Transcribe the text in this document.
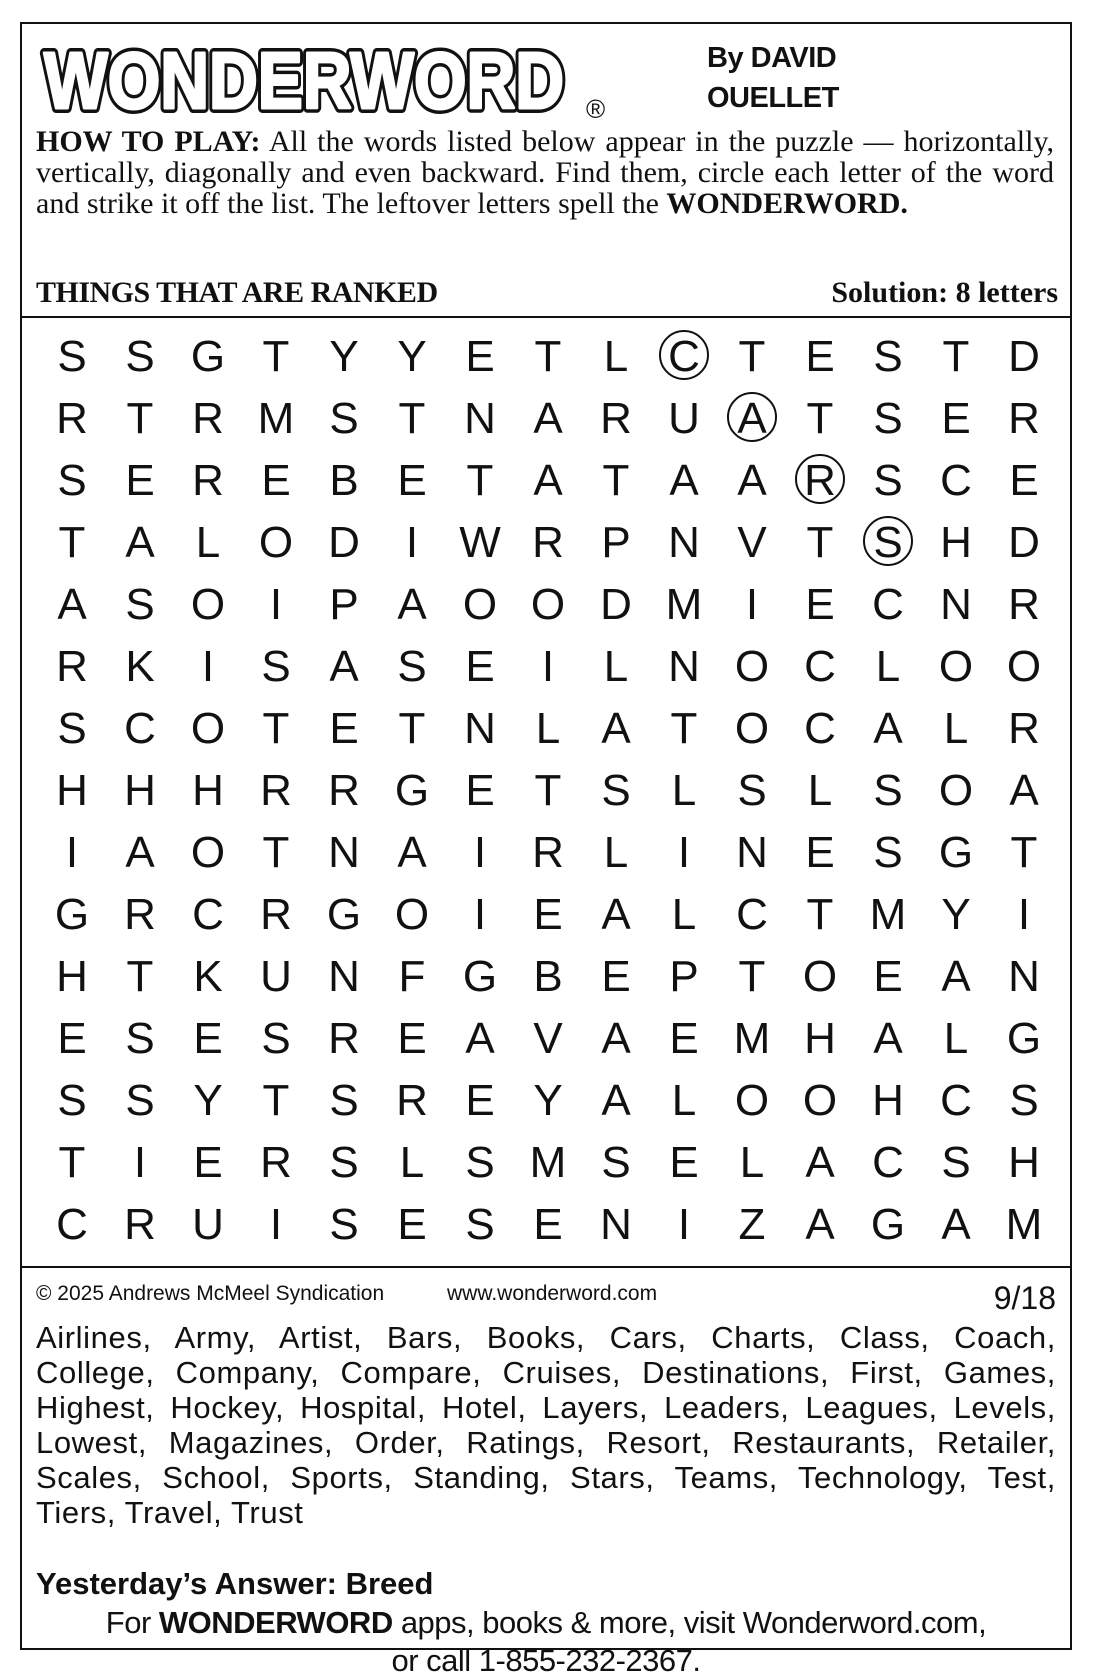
WONDERWORD
WONDERWORD ®
By DAVID
OUELLET
HOW TO PLAY: All the words listed below appear in the puzzle — horizontally, vertically, diagonally and even backward. Find them, circle each letter of the word and strike it off the list. The leftover letters spell the WONDERWORD.
THINGS THAT ARE RANKED	Solution: 8 letters
S S G T Y Y E T L C T E S T D
R T R M S T N A R U A T S E R
S E R E B E T A T A A R S C E
T A L O D	I W R P N V T S H D
A S O	I	P A O O D M I	E C N R
R K	I	S A S E	I	L N O C L O O
S C O T E T N L A T O C A L R
H H H R R G E T S L S L S O A
I	A O T N A	I	R L	I	N E S G T
G R C R G O	I	E A L C T M Y	I
H T K U N F G B E P T O E A N
E S E S R E A V A E M H A L G
S S Y T S R E Y A L O O H C S
T	I	E R S L S M S E L A C S H
C R U	I	S E S E N	I	Z A G A M
© 2025 Andrews McMeel Syndication	www.wonderword.com	9/18
Airlines, Army, Artist, Bars, Books, Cars, Charts, Class, Coach, College, Company, Compare, Cruises, Destinations, First, Games, Highest, Hockey, Hospital, Hotel, Layers, Leaders, Leagues, Levels, Lowest, Magazines, Order, Ratings, Resort, Restaurants, Retailer, Scales, School, Sports, Standing, Stars, Teams, Technology, Test, Tiers, Travel, Trust
Yesterday’s Answer: Breed
For WONDERWORD apps, books & more, visit Wonderword.com,
or call 1-855-232-2367.
